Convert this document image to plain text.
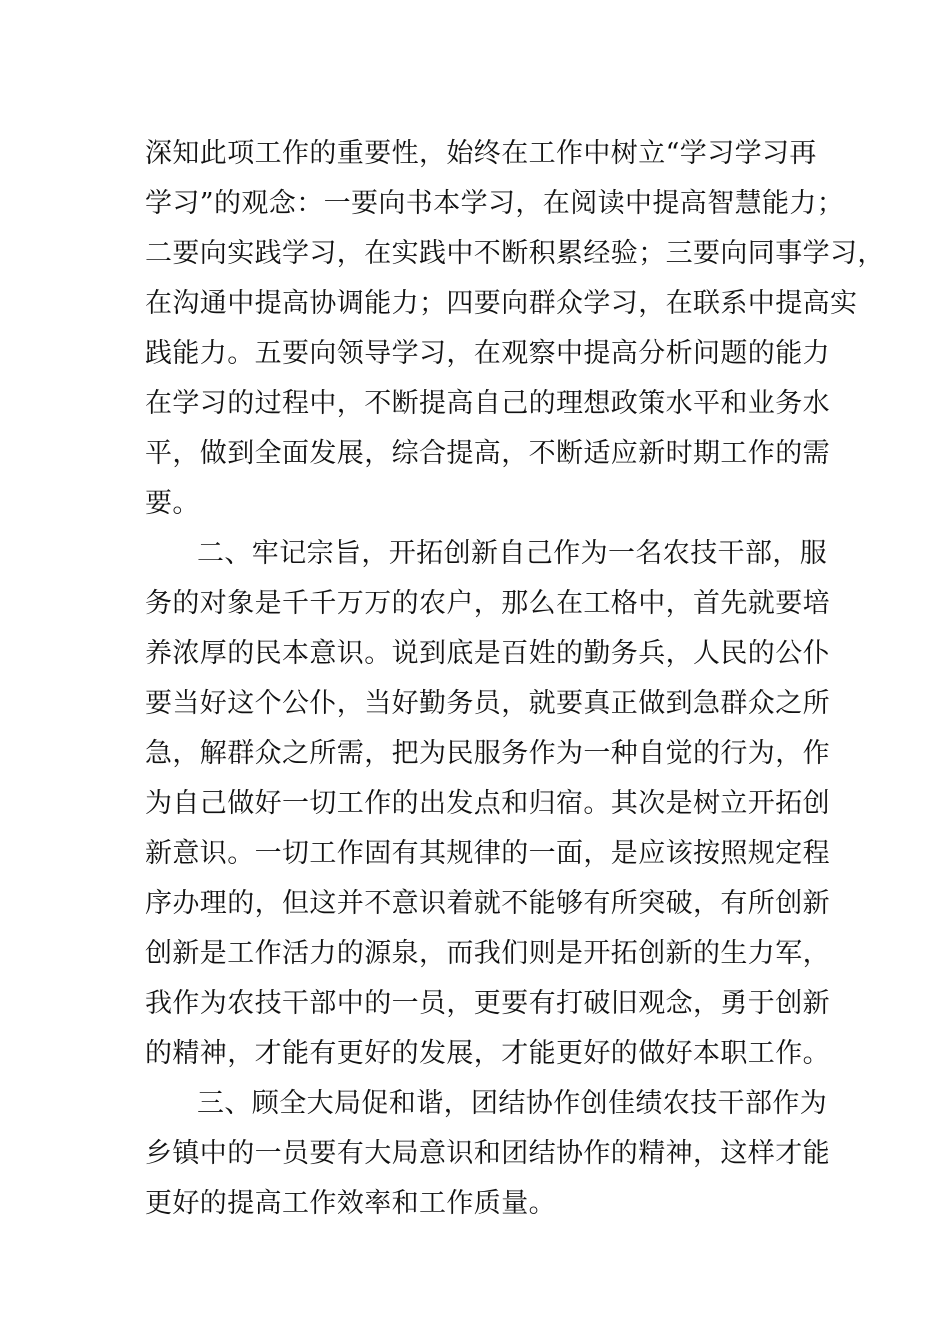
深知此项工作的重要性，始终在工作中树立“学习学习再
学习”的观念：一要向书本学习，在阅读中提高智慧能力；
二要向实践学习，在实践中不断积累经验；三要向同事学习，
在沟通中提高协调能力；四要向群众学习，在联系中提高实
践能力。五要向领导学习，在观察中提高分析问题的能力
在学习的过程中，不断提高自己的理想政策水平和业务水
平，做到全面发展，综合提高，不断适应新时期工作的需
要。
二、牢记宗旨，开拓创新自己作为一名农技干部，服
务的对象是千千万万的农户，那么在工格中，首先就要培
养浓厚的民本意识。说到底是百姓的勤务兵，人民的公仆
要当好这个公仆，当好勤务员，就要真正做到急群众之所
急，解群众之所需，把为民服务作为一种自觉的行为，作
为自己做好一切工作的出发点和归宿。其次是树立开拓创
新意识。一切工作固有其规律的一面，是应该按照规定程
序办理的，但这并不意识着就不能够有所突破，有所创新
创新是工作活力的源泉，而我们则是开拓创新的生力军，
我作为农技干部中的一员，更要有打破旧观念，勇于创新
的精神，才能有更好的发展，才能更好的做好本职工作。
三、顾全大局促和谐，团结协作创佳绩农技干部作为
乡镇中的一员要有大局意识和团结协作的精神，这样才能
更好的提高工作效率和工作质量。
